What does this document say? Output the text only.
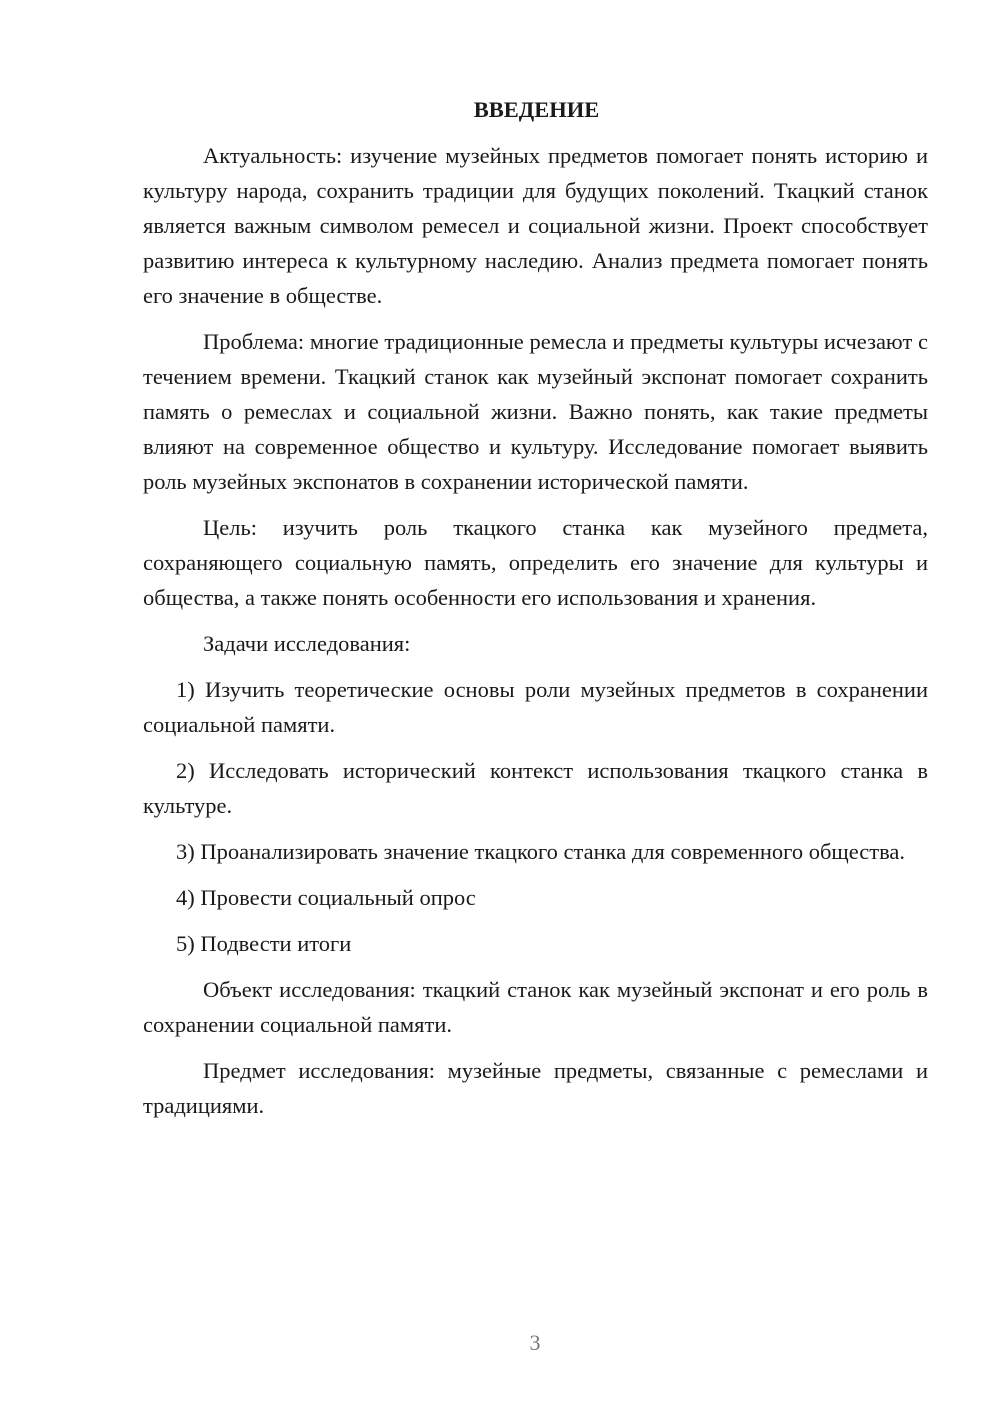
ВВЕДЕНИЕ

Актуальность: изучение музейных предметов помогает понять историю и культуру народа, сохранить традиции для будущих поколений. Ткацкий станок является важным символом ремесел и социальной жизни. Проект способствует развитию интереса к культурному наследию. Анализ предмета помогает понять его значение в обществе.

Проблема: многие традиционные ремесла и предметы культуры исчезают с течением времени. Ткацкий станок как музейный экспонат помогает сохранить память о ремеслах и социальной жизни. Важно понять, как такие предметы влияют на современное общество и культуру. Исследование помогает выявить роль музейных экспонатов в сохранении исторической памяти.

Цель: изучить роль ткацкого станка как музейного предмета, сохраняющего социальную память, определить его значение для культуры и общества, а также понять особенности его использования и хранения.

Задачи исследования:

1) Изучить теоретические основы роли музейных предметов в сохранении социальной памяти.

2) Исследовать исторический контекст использования ткацкого станка в культуре.

3) Проанализировать значение ткацкого станка для современного общества.

4) Провести социальный опрос

5) Подвести итоги

Объект исследования: ткацкий станок как музейный экспонат и его роль в сохранении социальной памяти.

Предмет исследования: музейные предметы, связанные с ремеслами и традициями.

3
